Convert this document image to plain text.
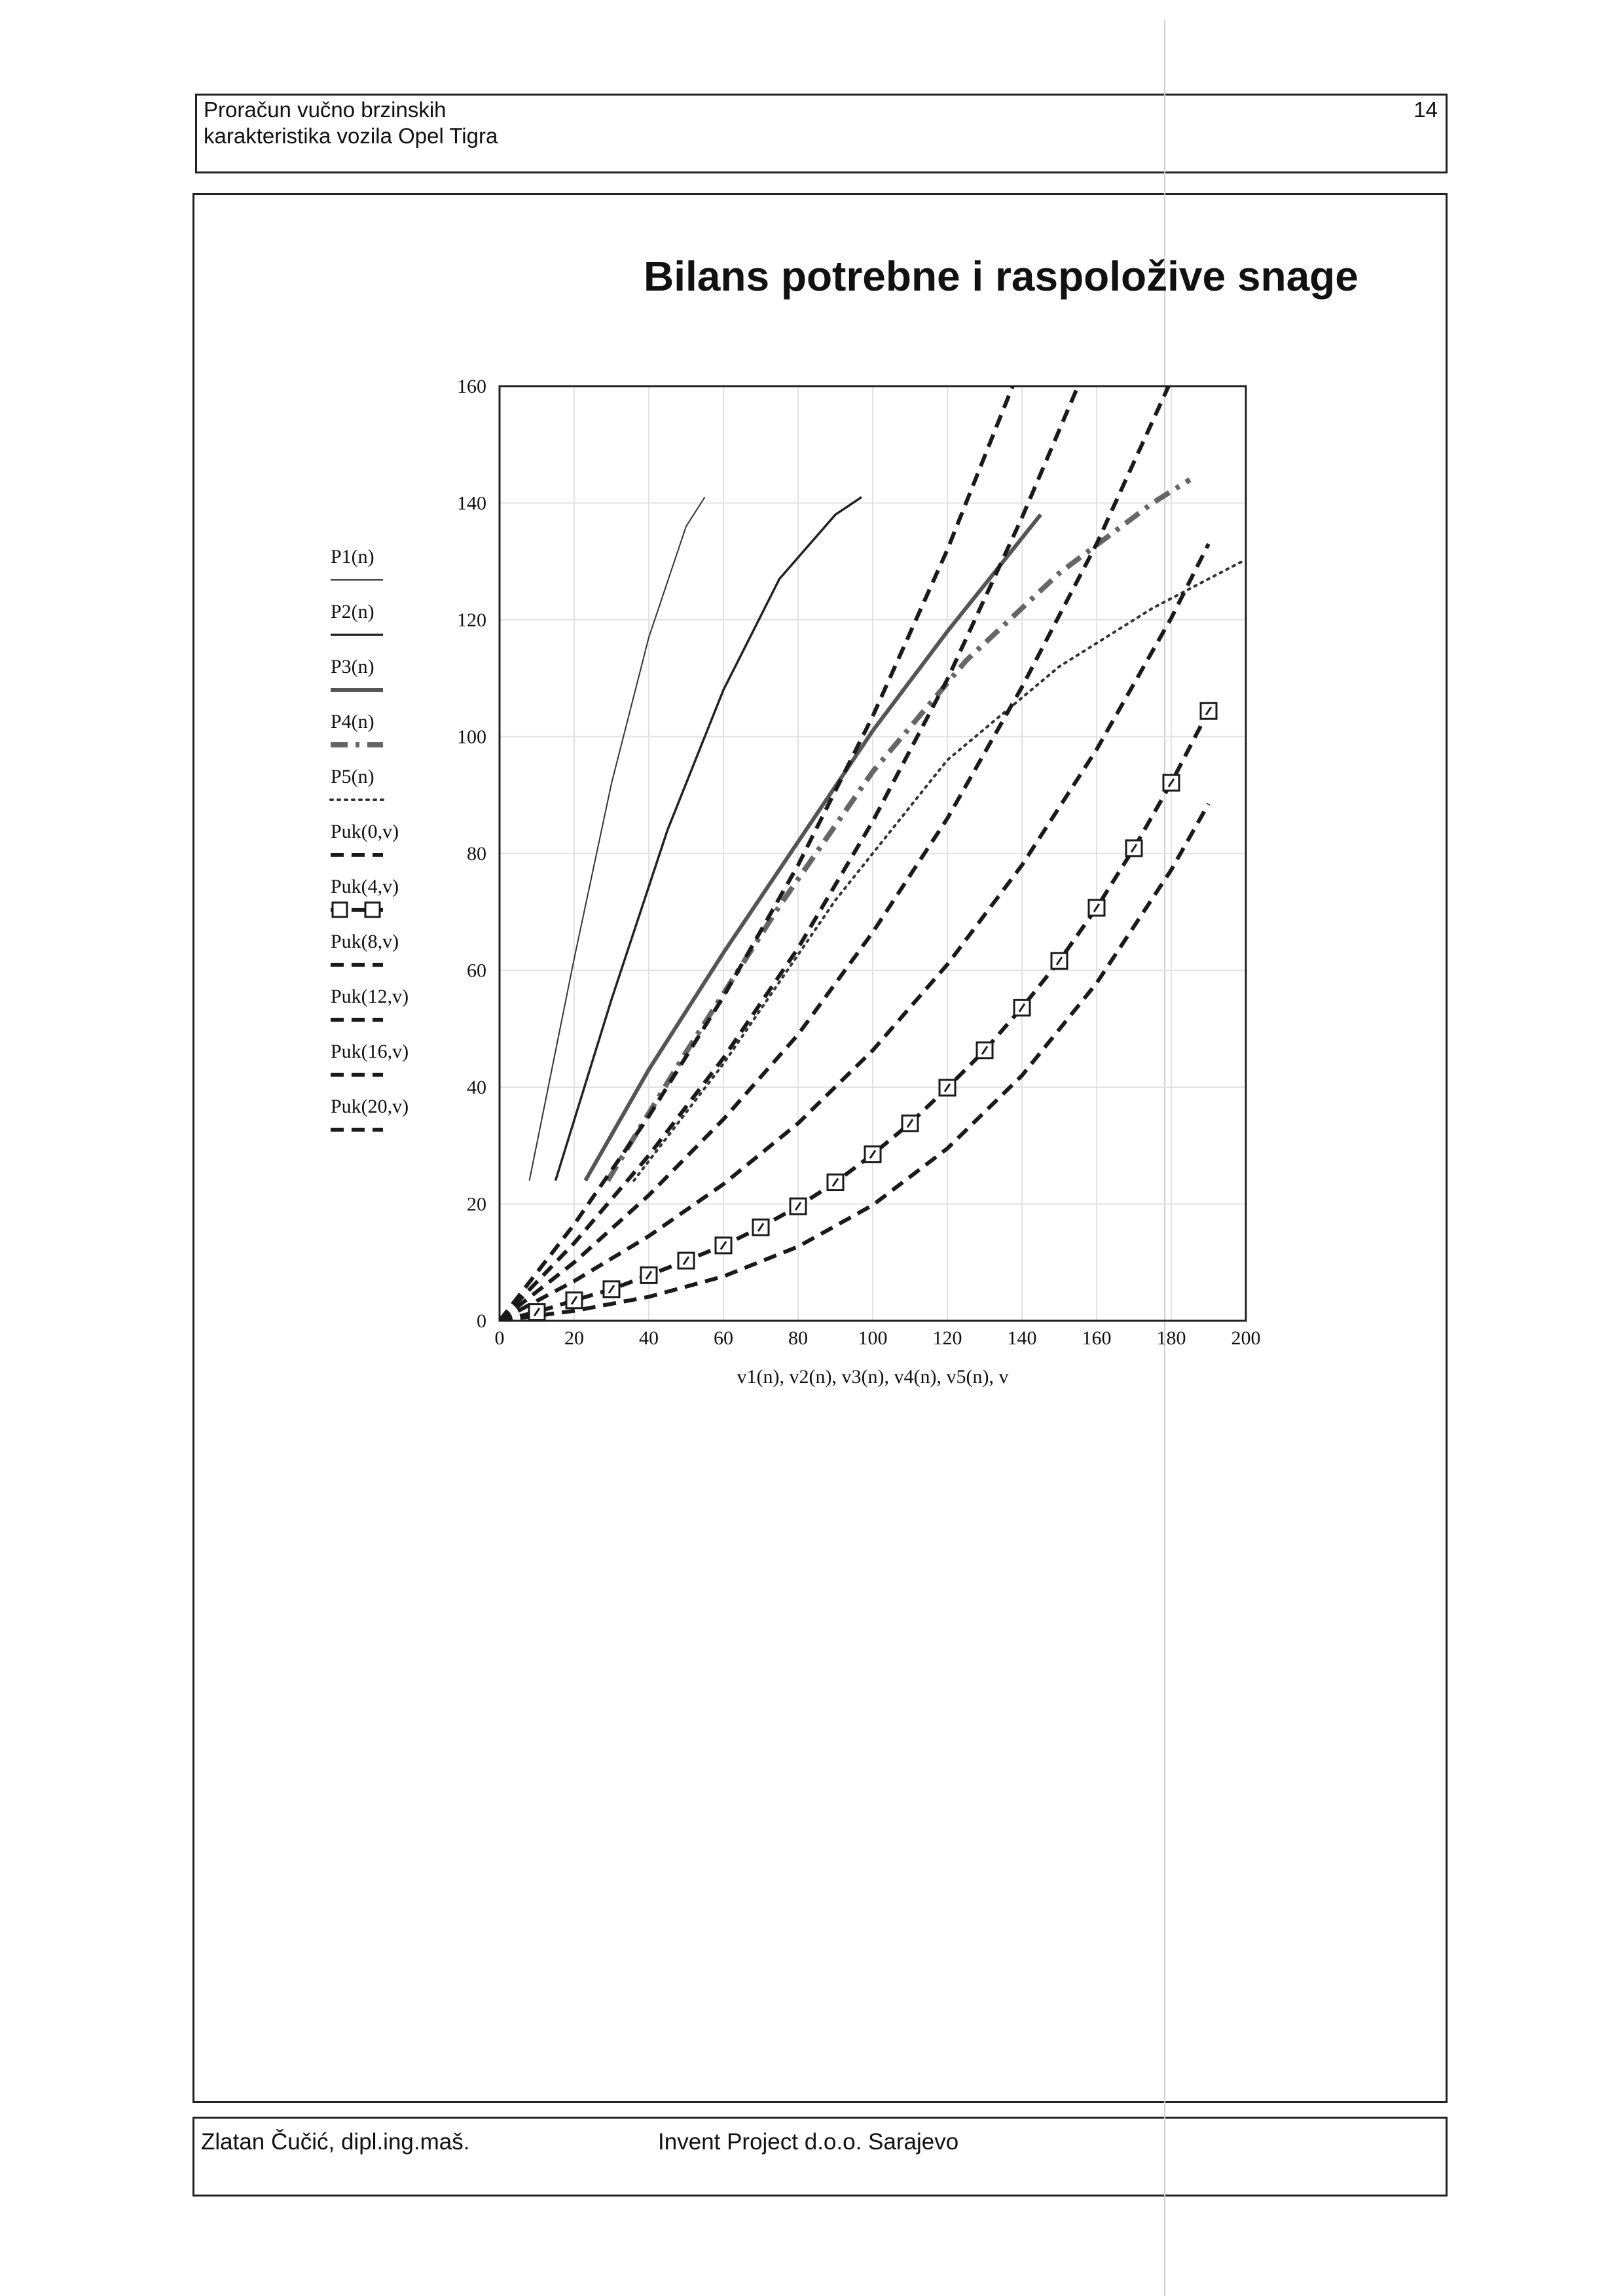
Proračun vučno brzinskih
karakteristika vozila Opel Tigra
14
Zlatan Čučić, dipl.ing.maš.	Invent Project d.o.o. Sarajevo
Bilans potrebne i raspoložive snage
0	20	40	60	80	100 120 140 160 180 200
0
20
40
60
80
100
120
140
160
v1(n), v2(n), v3(n), v4(n), v5(n), v
P1(n)
P2(n)
P3(n)
P4(n)
P5(n)
Puk(0,v)
Puk(4,v)
Puk(8,v)
Puk(12,v)
Puk(16,v)
Puk(20,v)
